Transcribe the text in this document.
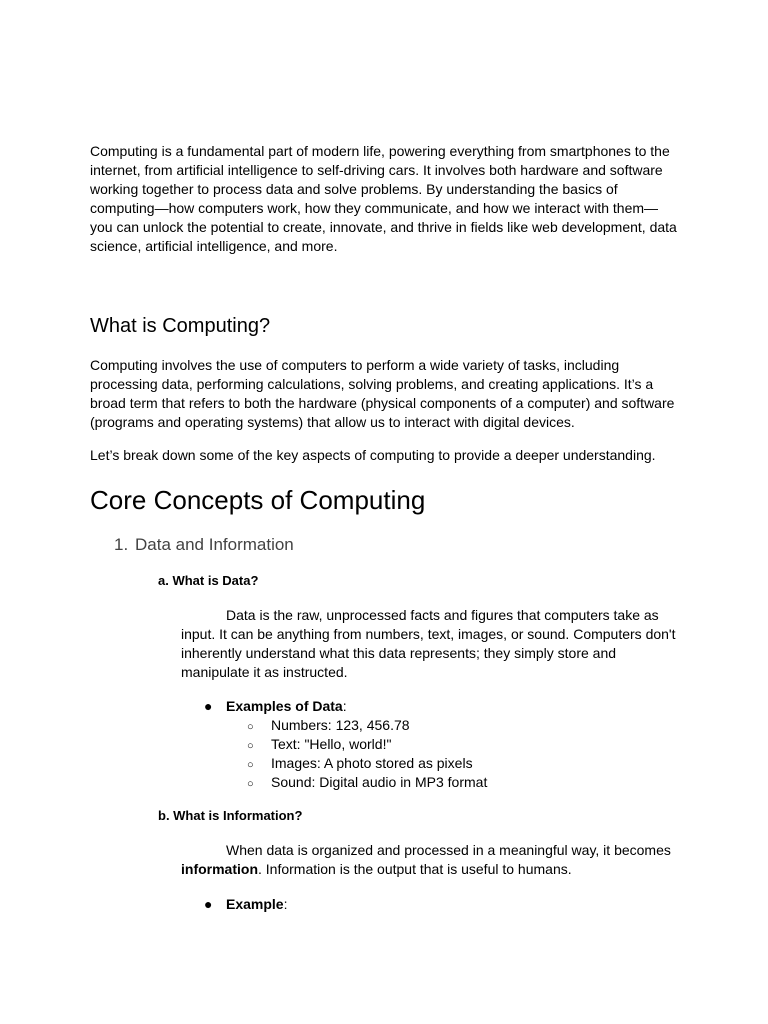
Computing is a fundamental part of modern life, powering everything from smartphones to the internet, from artificial intelligence to self-driving cars. It involves both hardware and software working together to process data and solve problems. By understanding the basics of computing—how computers work, how they communicate, and how we interact with them—you can unlock the potential to create, innovate, and thrive in fields like web development, data science, artificial intelligence, and more.

What is Computing?

Computing involves the use of computers to perform a wide variety of tasks, including processing data, performing calculations, solving problems, and creating applications. It’s a broad term that refers to both the hardware (physical components of a computer) and software (programs and operating systems) that allow us to interact with digital devices.

Let’s break down some of the key aspects of computing to provide a deeper understanding.

Core Concepts of Computing
1. Data and Information
a. What is Data?

Data is the raw, unprocessed facts and figures that computers take as input. It can be anything from numbers, text, images, or sound. Computers don't inherently understand what this data represents; they simply store and manipulate it as instructed.

● Examples of Data:
○ Numbers: 123, 456.78
○ Text: "Hello, world!"
○ Images: A photo stored as pixels
○ Sound: Digital audio in MP3 format
b. What is Information?

When data is organized and processed in a meaningful way, it becomes information. Information is the output that is useful to humans.

● Example:
